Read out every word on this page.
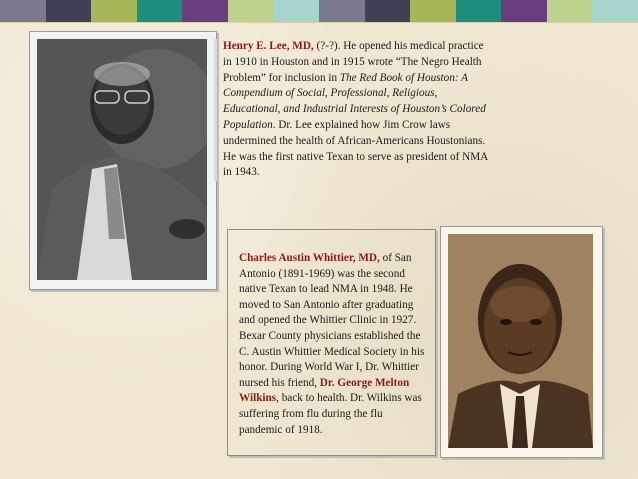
Henry E. Lee, MD, (?-?). He opened his medical practice in 1910 in Houston and in 1915 wrote “The Negro Health Problem” for inclusion in The Red Book of Houston: A Compendium of Social, Professional, Religious, Educational, and Industrial Interests of Houston’s Colored Population. Dr. Lee explained how Jim Crow laws undermined the health of African-Americans Houstonians. He was the first native Texan to serve as president of NMA in 1943.
Charles Austin Whittier, MD, of San Antonio (1891-1969) was the second native Texan to lead NMA in 1948. He moved to San Antonio after graduating and opened the Whittier Clinic in 1927. Bexar County physicians established the C. Austin Whittier Medical Society in his honor. During World War I, Dr. Whittier nursed his friend, Dr. George Melton Wilkins, back to health. Dr. Wilkins was suffering from flu during the flu pandemic of 1918.
